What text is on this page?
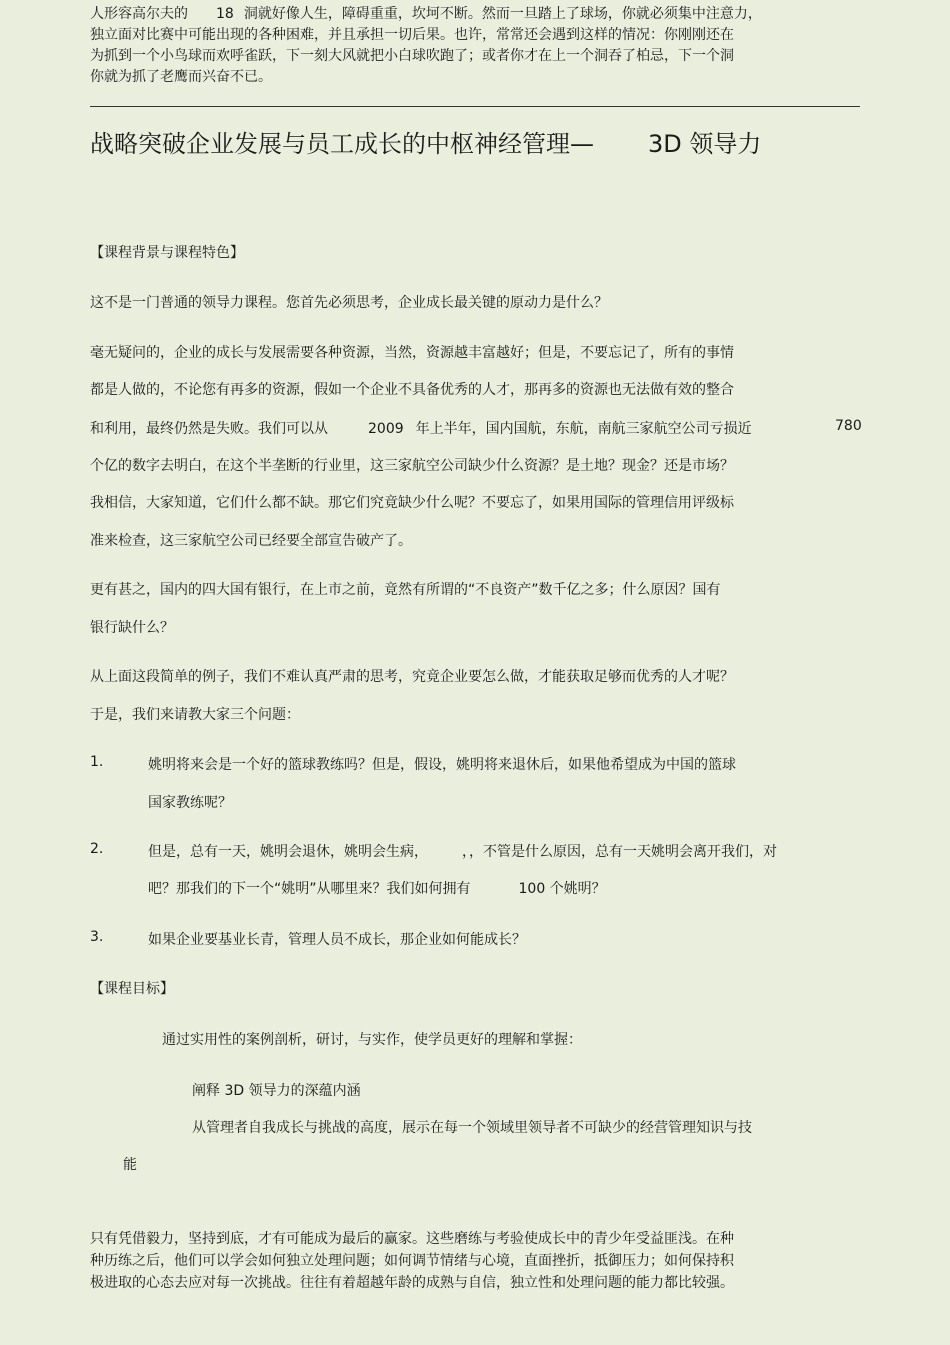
人形容高尔夫的 18 洞就好像人生，障碍重重，坎坷不断。然而一旦踏上了球场，你就必须集中注意力，
独立面对比赛中可能出现的各种困难，并且承担一切后果。也许，常常还会遇到这样的情况：你刚刚还在
为抓到一个小鸟球而欢呼雀跃，下一刻大风就把小白球吹跑了；或者你才在上一个洞吞了柏忌，下一个洞
你就为抓了老鹰而兴奋不已。
战略突破企业发展与员工成长的中枢神经管理— 3D 领导力
【课程背景与课程特色】
这不是一门普通的领导力课程。您首先必须思考，企业成长最关键的原动力是什么？
毫无疑问的，企业的成长与发展需要各种资源，当然，资源越丰富越好；但是，不要忘记了，所有的事情
都是人做的，不论您有再多的资源，假如一个企业不具备优秀的人才，那再多的资源也无法做有效的整合
和利用，最终仍然是失败。我们可以从	2009 年上半年，国内国航，东航，南航三家航空公司亏损近	780
个亿的数字去明白，在这个半垄断的行业里，这三家航空公司缺少什么资源？是土地？现金？还是市场？
我相信，大家知道，它们什么都不缺。那它们究竟缺少什么呢？不要忘了，如果用国际的管理信用评级标
准来检查，这三家航空公司已经要全部宣告破产了。
更有甚之，国内的四大国有银行，在上市之前，竟然有所谓的“不良资产”数千亿之多；什么原因？国有
银行缺什么？
从上面这段简单的例子，我们不难认真严肃的思考，究竟企业要怎么做，才能获取足够而优秀的人才呢？
于是，我们来请教大家三个问题：
1.	姚明将来会是一个好的篮球教练吗？但是，假设，姚明将来退休后，如果他希望成为中国的篮球
国家教练呢？
2.	但是，总有一天，姚明会退休，姚明会生病， ，，不管是什么原因，总有一天姚明会离开我们，对
吧？那我们的下一个“姚明”从哪里来？我们如何拥有	100 个姚明？
3.	如果企业要基业长青，管理人员不成长，那企业如何能成长？
【课程目标】
通过实用性的案例剖析，研讨，与实作，使学员更好的理解和掌握：
阐释 3D 领导力的深蕴内涵
从管理者自我成长与挑战的高度，展示在每一个领域里领导者不可缺少的经营管理知识与技
能
只有凭借毅力，坚持到底，才有可能成为最后的赢家。这些磨练与考验使成长中的青少年受益匪浅。在种
种历练之后，他们可以学会如何独立处理问题；如何调节情绪与心境，直面挫折，抵御压力；如何保持积
极进取的心态去应对每一次挑战。往往有着超越年龄的成熟与自信，独立性和处理问题的能力都比较强。
